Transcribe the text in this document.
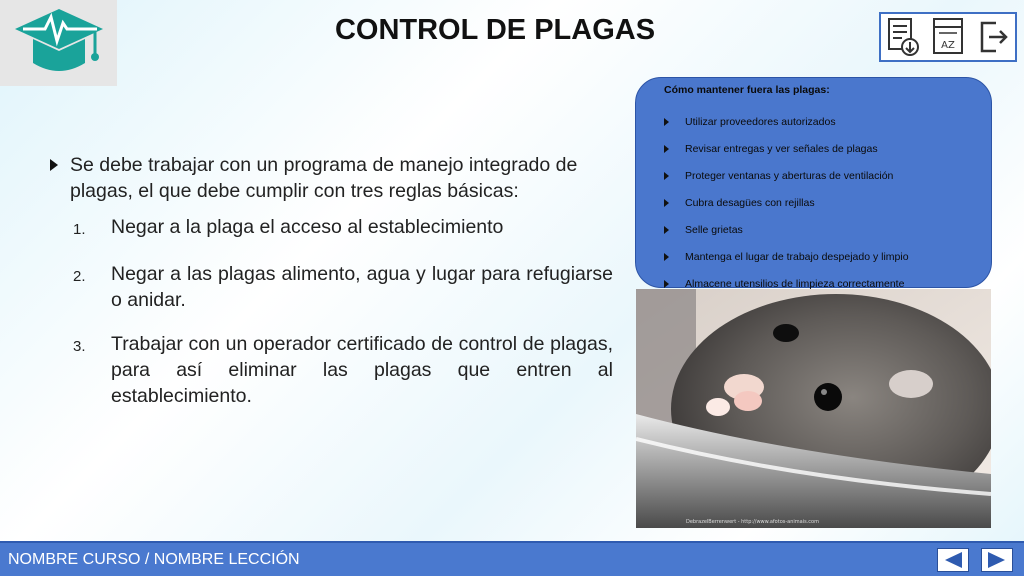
CONTROL DE PLAGAS	AZ
Se debe trabajar con un programa de manejo integrado de plagas, el que debe cumplir con tres reglas básicas:
1.	Negar a la plaga el acceso al establecimiento
2.	Negar a las plagas alimento, agua y lugar para refugiarse o anidar.
3.	Trabajar con un operador certificado de control de plagas, para así eliminar las plagas que entren al establecimiento.
Cómo mantener fuera las plagas:
Utilizar proveedores autorizados
Revisar entregas y ver señales de plagas
Proteger ventanas y aberturas de ventilación
Cubra desagües con rejillas
Selle grietas
Mantenga el lugar de trabajo despejado y limpio
Almacene utensilios de limpieza correctamente
DebrazelBerrenwert - http://www.afotos-animais.com
NOMBRE CURSO / NOMBRE LECCIÓN
